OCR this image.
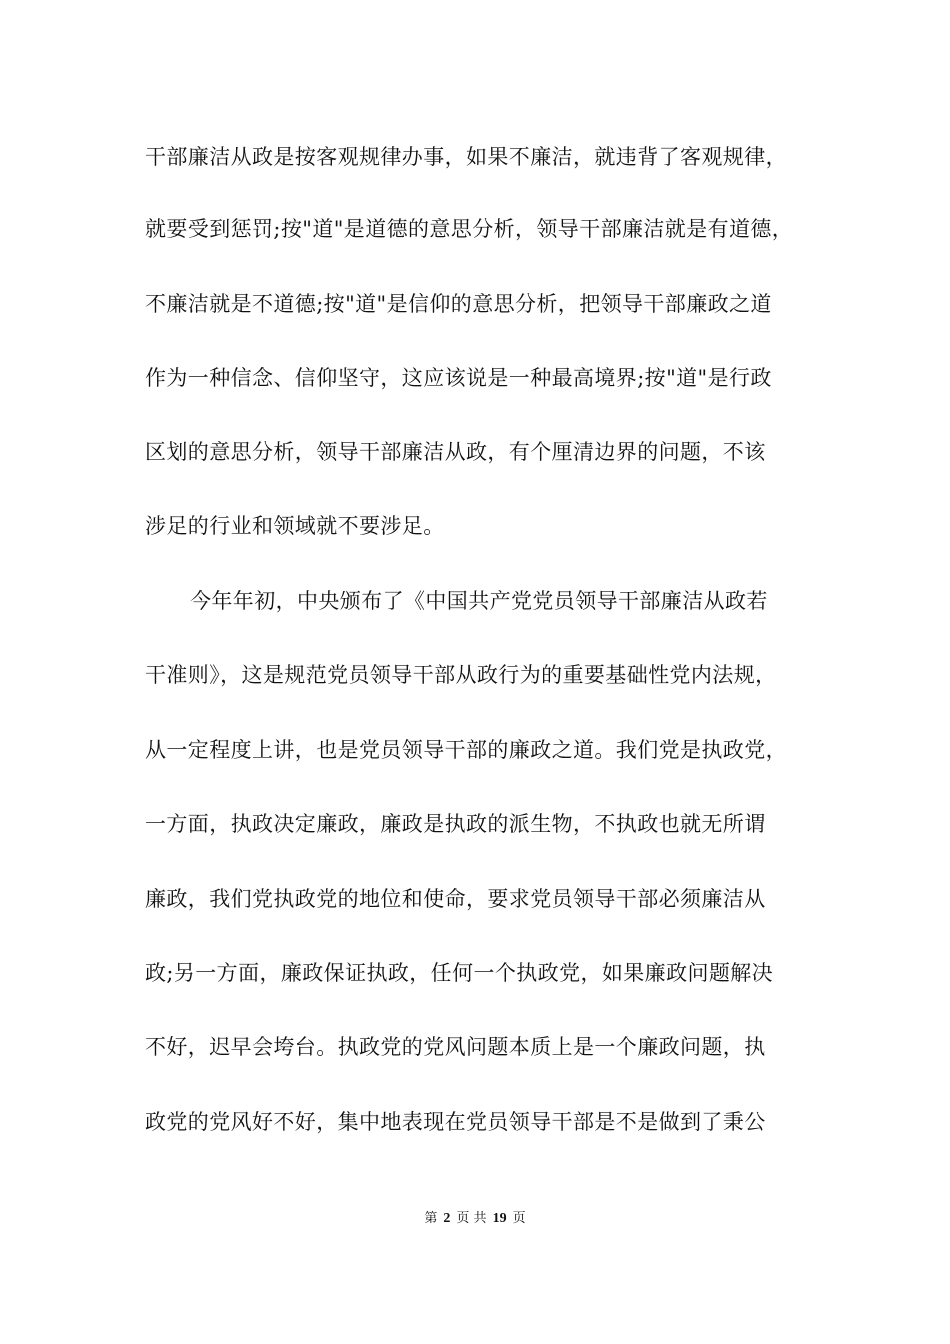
干部廉洁从政是按客观规律办事，如果不廉洁，就违背了客观规律，
就要受到惩罚;按"道"是道德的意思分析，领导干部廉洁就是有道德，
不廉洁就是不道德;按"道"是信仰的意思分析，把领导干部廉政之道
作为一种信念、信仰坚守，这应该说是一种最高境界;按"道"是行政
区划的意思分析，领导干部廉洁从政，有个厘清边界的问题，不该
涉足的行业和领域就不要涉足。
今年年初，中央颁布了《中国共产党党员领导干部廉洁从政若
干准则》，这是规范党员领导干部从政行为的重要基础性党内法规，
从一定程度上讲，也是党员领导干部的廉政之道。我们党是执政党，
一方面，执政决定廉政，廉政是执政的派生物，不执政也就无所谓
廉政，我们党执政党的地位和使命，要求党员领导干部必须廉洁从
政;另一方面，廉政保证执政，任何一个执政党，如果廉政问题解决
不好，迟早会垮台。执政党的党风问题本质上是一个廉政问题，执
政党的党风好不好，集中地表现在党员领导干部是不是做到了秉公
第 2 页 共 19 页
